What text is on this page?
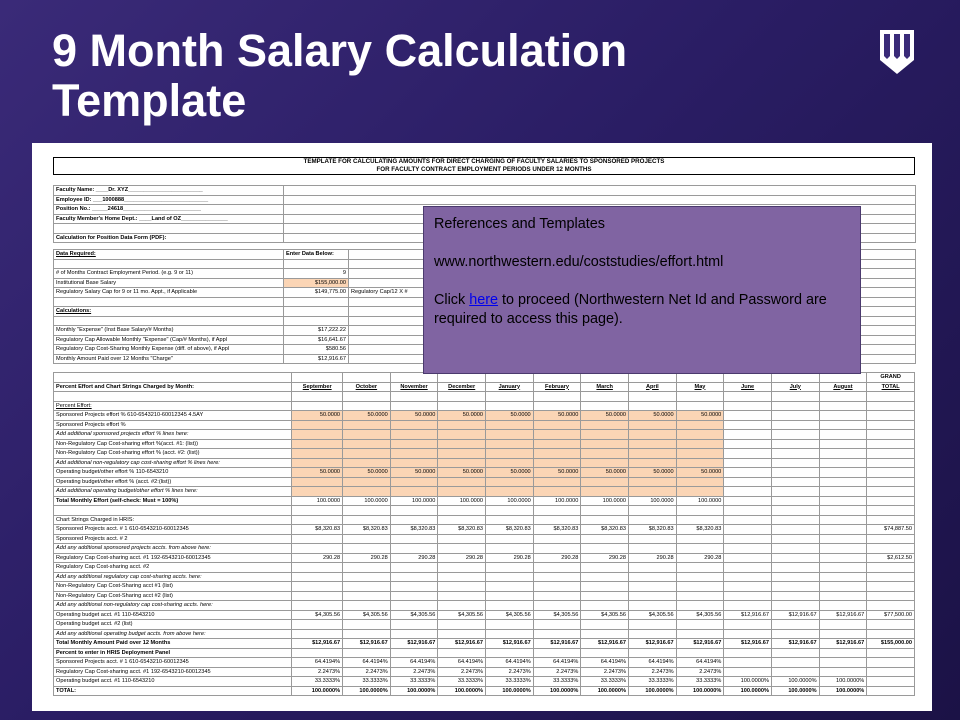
9 Month Salary Calculation Template
TEMPLATE FOR CALCULATING AMOUNTS FOR DIRECT CHARGING OF FACULTY SALARIES TO SPONSORED PROJECTS
FOR FACULTY CONTRACT EMPLOYMENT PERIODS UNDER 12 MONTHS
Faculty Name: ____Dr. XYZ________________________	
Employee ID: ___1000888___________________________	
Position No.: _____24618_________________________	
Faculty Member's Home Dept.: ____Land of OZ_______________	

Calculation for Position Data Form (PDF):	
Data Required:	Enter Data Below:	

# of Months Contract Employment Period. (e.g. 9 or 11)	9	
Institutional Base Salary	$155,000.00	
Regulatory Salary Cap for 9 or 11 mo. Appt., if Applicable	$149,775.00	Regulatory Cap/12 X #

Calculations:		

Monthly "Expense" (Inst Base Salary/# Months)	$17,222.22	
Regulatory Cap Allowable Monthly "Expense" (Cap/# Months), if Appl	$16,641.67	
Regulatory Cap Cost-Sharing Monthly Expense (diff. of above), if Appl	$580.56	
Monthly Amount Paid over 12 Months "Charge"	$12,916.67	
													GRAND
Percent Effort and Chart Strings Charged by Month:	September	October	November	December	January	February	March	April	May	June	July	August	TOTAL

Percent Effort:													
Sponsored Projects effort % 610-6543210-60012345 4.5AY	50.0000	50.0000	50.0000	50.0000	50.0000	50.0000	50.0000	50.0000	50.0000				
Sponsored Projects effort %													
Add additional sponsored projects effort % lines here:													
Non-Regulatory Cap Cost-sharing effort %(acct. #1: (list))													
Non-Regulatory Cap Cost-sharing effort % (acct. #2: (list))													
Add additional non-regulatory cap cost-sharing effort % lines here:													
Operating budget/other effort % 110-6543210	50.0000	50.0000	50.0000	50.0000	50.0000	50.0000	50.0000	50.0000	50.0000				
Operating budget/other effort % (acct. #2:(list))													
Add additional operating budget/other effort % lines here:													
Total Monthly Effort (self-check: Must = 100%)	100.0000	100.0000	100.0000	100.0000	100.0000	100.0000	100.0000	100.0000	100.0000				

Chart Strings Charged in HRIS:													
Sponsored Projects acct. # 1 610-6543210-60012345	$8,320.83	$8,320.83	$8,320.83	$8,320.83	$8,320.83	$8,320.83	$8,320.83	$8,320.83	$8,320.83				$74,887.50
Sponsored Projects acct. # 2													
Add any additional sponsored projects accts. from above here:													
Regulatory Cap Cost-sharing acct. #1 192-6543210-60012345	290.28	290.28	290.28	290.28	290.28	290.28	290.28	290.28	290.28				$2,612.50
Regulatory Cap Cost-sharing acct. #2													
Add any additional regulatory cap cost-sharing accts. here:													
Non-Regulatory Cap Cost-Sharing acct #1 (list)													
Non-Regulatory Cap Cost-Sharing acct #2 (list)													
Add any additional non-regulatory cap cost-sharing accts. here:													
Operating budget acct. #1 110-6543210	$4,305.56	$4,305.56	$4,305.56	$4,305.56	$4,305.56	$4,305.56	$4,305.56	$4,305.56	$4,305.56	$12,916.67	$12,916.67	$12,916.67	$77,500.00
Operating budget acct. #2 (list)													
Add any additional operating budget accts. from above here:													
Total Monthly Amount Paid over 12 Months	$12,916.67	$12,916.67	$12,916.67	$12,916.67	$12,916.67	$12,916.67	$12,916.67	$12,916.67	$12,916.67	$12,916.67	$12,916.67	$12,916.67	$155,000.00
Percent to enter in HRIS Deployment Panel													
Sponsored Projects acct. # 1 610-6543210-60012345	64.4194%	64.4194%	64.4194%	64.4194%	64.4194%	64.4194%	64.4194%	64.4194%	64.4194%				
Regulatory Cap Cost-sharing acct. #1 192-6543210-60012345	2.2473%	2.2473%	2.2473%	2.2473%	2.2473%	2.2473%	2.2473%	2.2473%	2.2473%				
Operating budget acct. #1 110-6543210	33.3333%	33.3333%	33.3333%	33.3333%	33.3333%	33.3333%	33.3333%	33.3333%	33.3333%	100.0000%	100.0000%	100.0000%	
TOTAL:	100.0000%	100.0000%	100.0000%	100.0000%	100.0000%	100.0000%	100.0000%	100.0000%	100.0000%	100.0000%	100.0000%	100.0000%	

References and Templates

www.northwestern.edu/coststudies/effort.html

Click here to proceed (Northwestern Net Id and Password are required to access this page).
